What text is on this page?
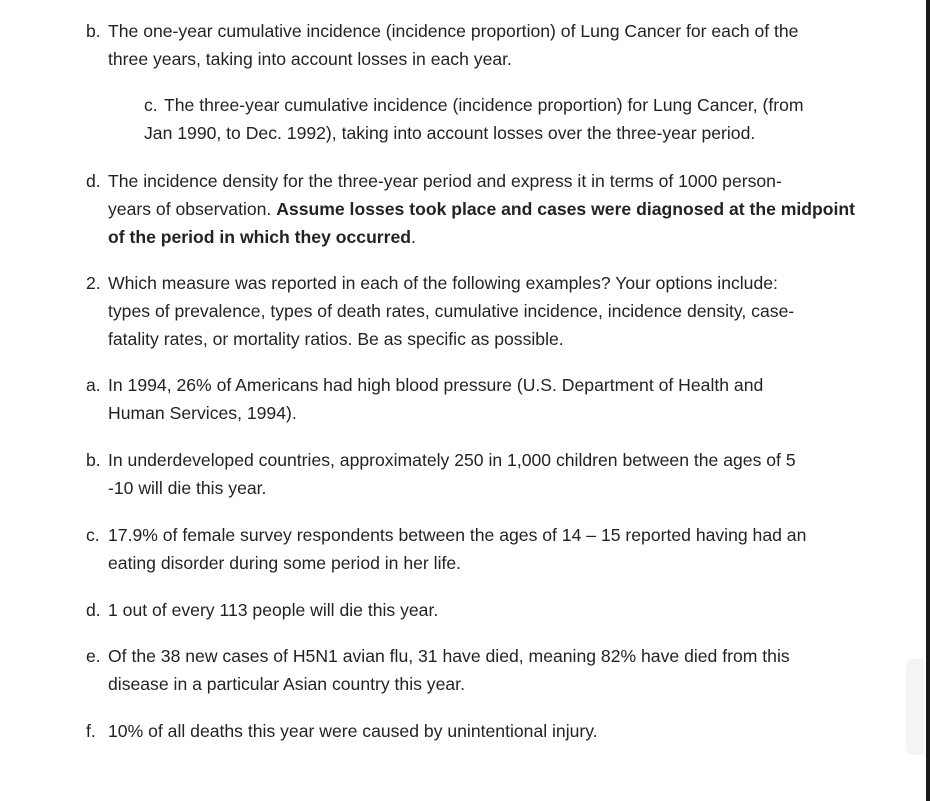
b. The one-year cumulative incidence (incidence proportion) of Lung Cancer for each of the
three years, taking into account losses in each year.
c. The three-year cumulative incidence (incidence proportion) for Lung Cancer, (from
Jan 1990, to Dec. 1992), taking into account losses over the three-year period.
d. The incidence density for the three-year period and express it in terms of 1000 person-
years of observation. Assume losses took place and cases were diagnosed at the midpoint
of the period in which they occurred.
2. Which measure was reported in each of the following examples? Your options include:
types of prevalence, types of death rates, cumulative incidence, incidence density, case-
fatality rates, or mortality ratios. Be as specific as possible.
a. In 1994, 26% of Americans had high blood pressure (U.S. Department of Health and
Human Services, 1994).
b. In underdeveloped countries, approximately 250 in 1,000 children between the ages of 5
-10 will die this year.
c. 17.9% of female survey respondents between the ages of 14 – 15 reported having had an
eating disorder during some period in her life.
d. 1 out of every 113 people will die this year.
e. Of the 38 new cases of H5N1 avian flu, 31 have died, meaning 82% have died from this
disease in a particular Asian country this year.
f. 10% of all deaths this year were caused by unintentional injury.
